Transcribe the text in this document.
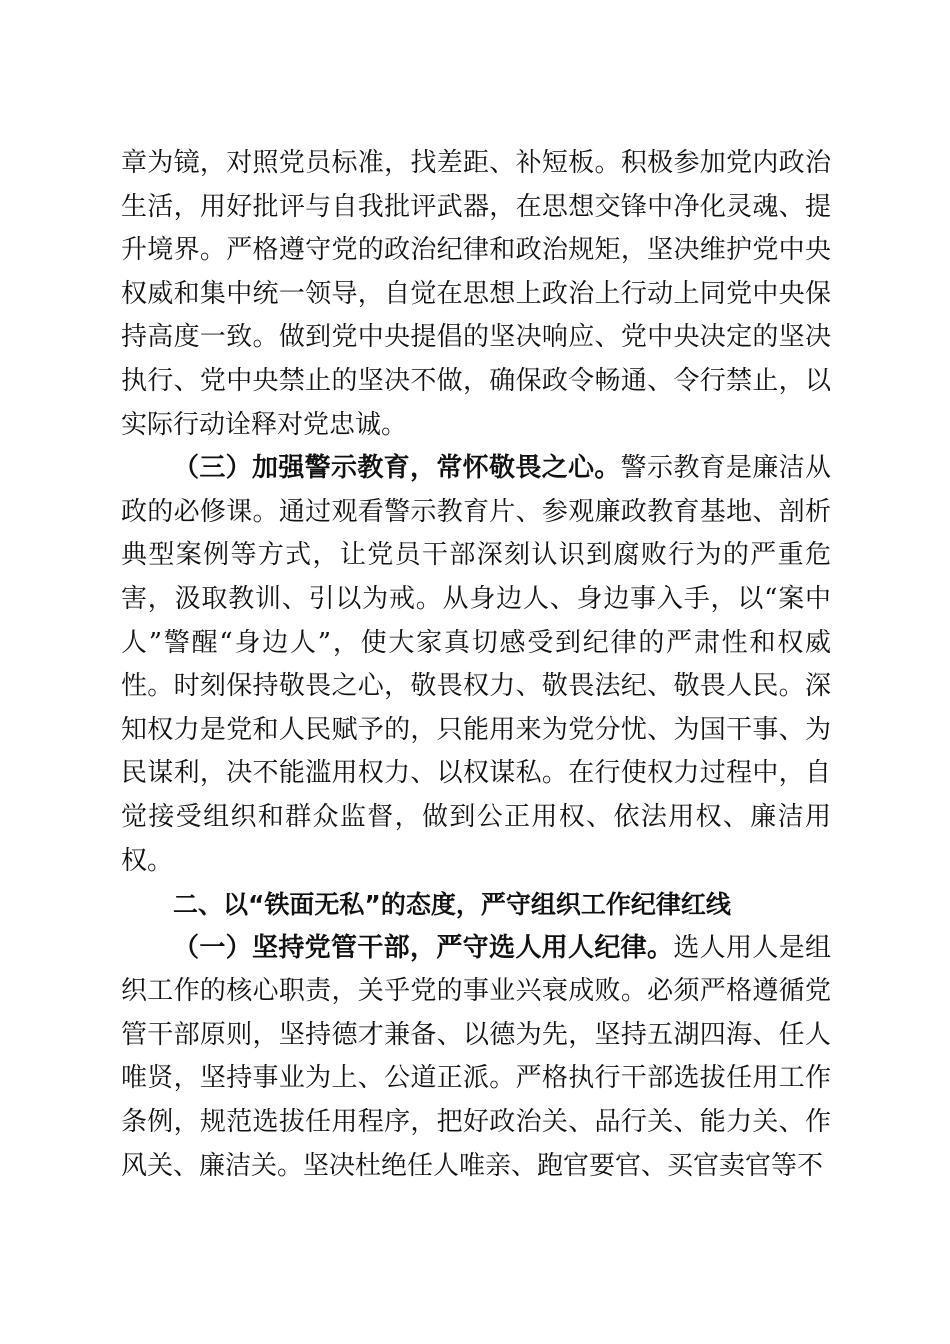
章为镜，对照党员标准，找差距、补短板。积极参加党内政治生活，用好批评与自我批评武器，在思想交锋中净化灵魂、提升境界。严格遵守党的政治纪律和政治规矩，坚决维护党中央权威和集中统一领导，自觉在思想上政治上行动上同党中央保持高度一致。做到党中央提倡的坚决响应、党中央决定的坚决执行、党中央禁止的坚决不做，确保政令畅通、令行禁止，以实际行动诠释对党忠诚。

（三）加强警示教育，常怀敬畏之心。警示教育是廉洁从政的必修课。通过观看警示教育片、参观廉政教育基地、剖析典型案例等方式，让党员干部深刻认识到腐败行为的严重危害，汲取教训、引以为戒。从身边人、身边事入手，以“案中人”警醒“身边人”，使大家真切感受到纪律的严肃性和权威性。时刻保持敬畏之心，敬畏权力、敬畏法纪、敬畏人民。深知权力是党和人民赋予的，只能用来为党分忧、为国干事、为民谋利，决不能滥用权力、以权谋私。在行使权力过程中，自觉接受组织和群众监督，做到公正用权、依法用权、廉洁用权。

二、以“铁面无私”的态度，严守组织工作纪律红线

（一）坚持党管干部，严守选人用人纪律。选人用人是组织工作的核心职责，关乎党的事业兴衰成败。必须严格遵循党管干部原则，坚持德才兼备、以德为先，坚持五湖四海、任人唯贤，坚持事业为上、公道正派。严格执行干部选拔任用工作条例，规范选拔任用程序，把好政治关、品行关、能力关、作风关、廉洁关。坚决杜绝任人唯亲、跑官要官、买官卖官等不
